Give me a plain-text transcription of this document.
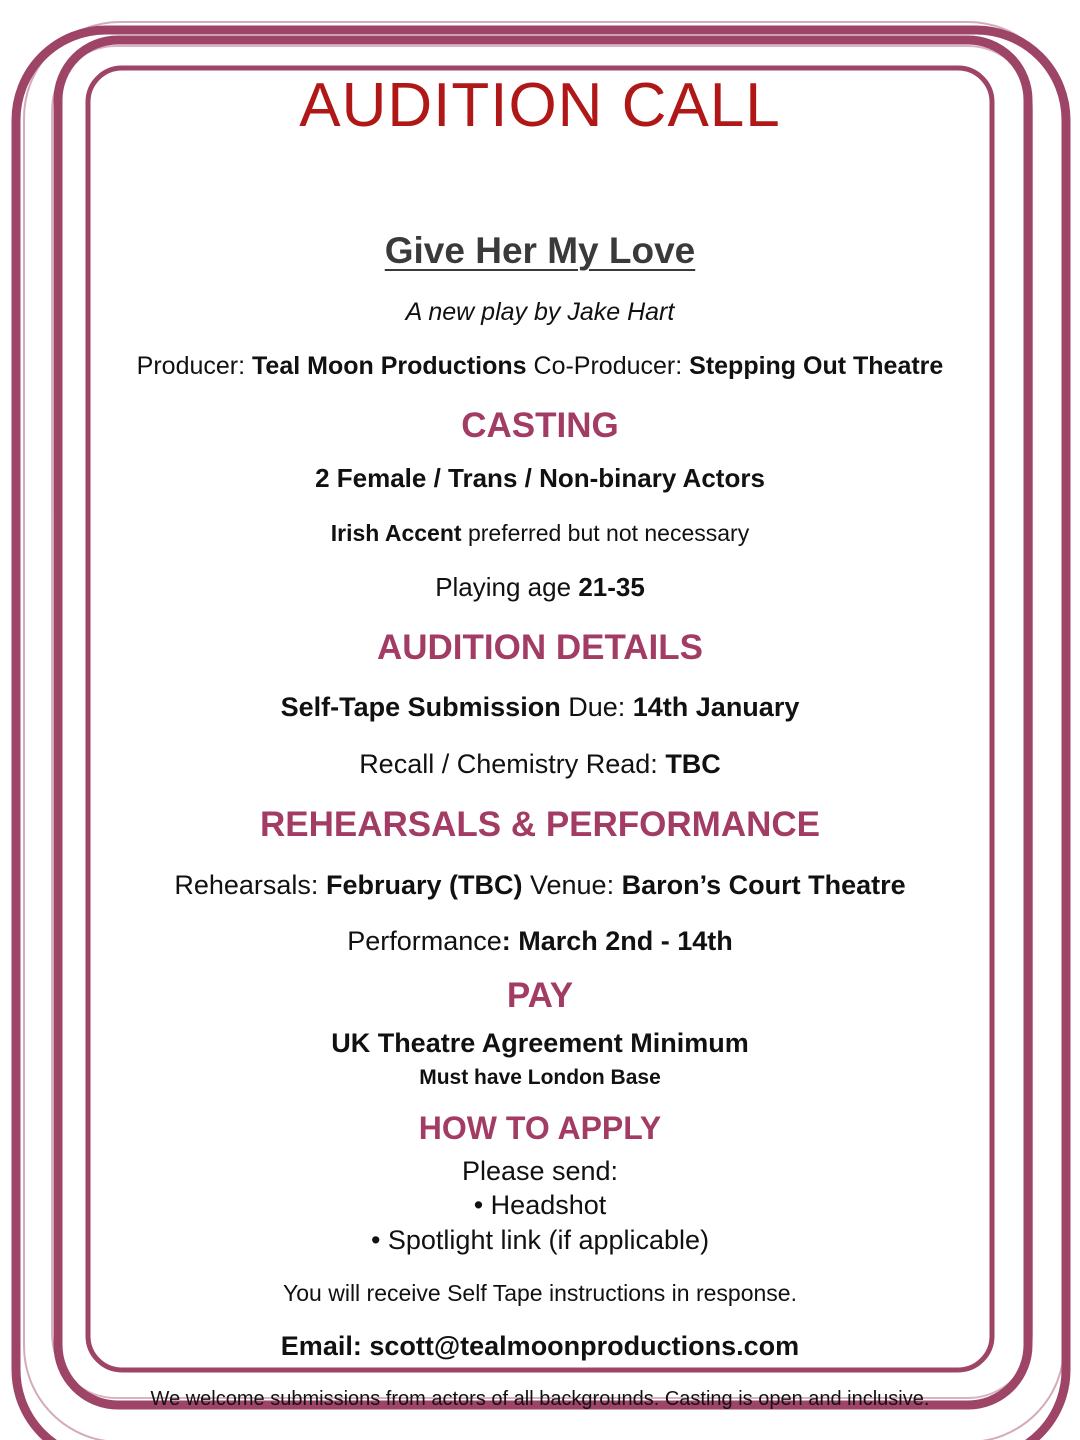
AUDITION CALL
Give Her My Love
A new play by Jake Hart
Producer: Teal Moon Productions Co-Producer: Stepping Out Theatre
CASTING
2 Female / Trans / Non-binary Actors
Irish Accent preferred but not necessary
Playing age 21-35
AUDITION DETAILS
Self-Tape Submission Due: 14th January
Recall / Chemistry Read: TBC
REHEARSALS & PERFORMANCE
Rehearsals: February (TBC) Venue: Baron’s Court Theatre
Performance: March 2nd - 14th
PAY
UK Theatre Agreement Minimum
Must have London Base
HOW TO APPLY
Please send:
• Headshot
• Spotlight link (if applicable)
You will receive Self Tape instructions in response.
Email: scott@tealmoonproductions.com
We welcome submissions from actors of all backgrounds. Casting is open and inclusive.
